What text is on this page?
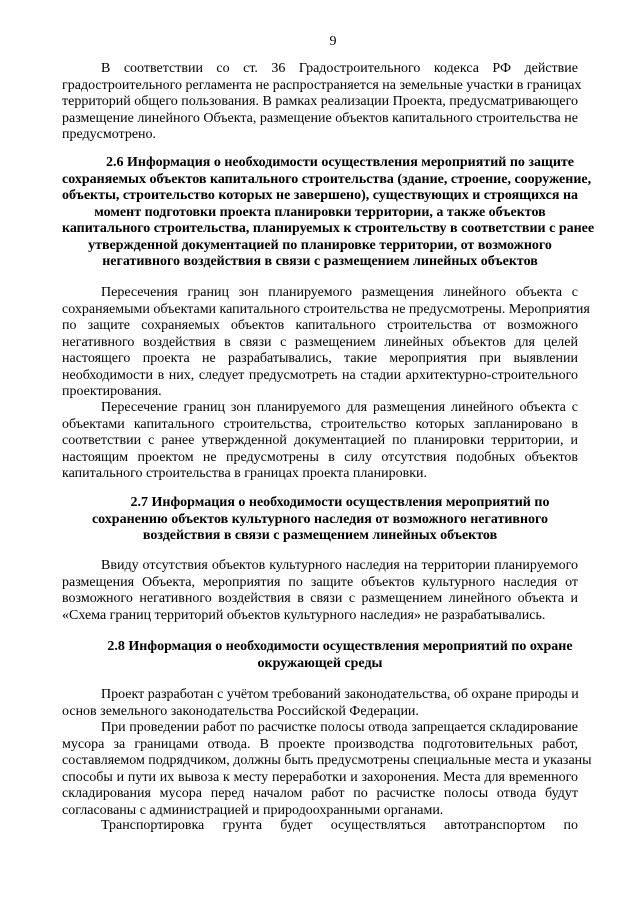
9
В соответствии со ст. 36 Градостроительного кодекса РФ действие
градостроительного регламента не распространяется на земельные участки в границах
территорий общего пользования. В рамках реализации Проекта, предусматривающего
размещение линейного Объекта, размещение объектов капитального строительства не
предусмотрено.
2.6 Информация о необходимости осуществления мероприятий по защите
сохраняемых объектов капитального строительства (здание, строение, сооружение,
объекты, строительство которых не завершено), существующих и строящихся на
момент подготовки проекта планировки территории, а также объектов
капитального строительства, планируемых к строительству в соответствии с ранее
утвержденной документацией по планировке территории, от возможного
негативного воздействия в связи с размещением линейных объектов
Пересечения границ зон планируемого размещения линейного объекта с
сохраняемыми объектами капитального строительства не предусмотрены. Мероприятия
по защите сохраняемых объектов капитального строительства от возможного
негативного воздействия в связи с размещением линейных объектов для целей
настоящего проекта не разрабатывались, такие мероприятия при выявлении
необходимости в них, следует предусмотреть на стадии архитектурно-строительного
проектирования.
Пересечение границ зон планируемого для размещения линейного объекта с
объектами капитального строительства, строительство которых запланировано в
соответствии с ранее утвержденной документацией по планировки территории, и
настоящим проектом не предусмотрены в силу отсутствия подобных объектов
капитального строительства в границах проекта планировки.
2.7 Информация о необходимости осуществления мероприятий по
сохранению объектов культурного наследия от возможного негативного
воздействия в связи с размещением линейных объектов
Ввиду отсутствия объектов культурного наследия на территории планируемого
размещения Объекта, мероприятия по защите объектов культурного наследия от
возможного негативного воздействия в связи с размещением линейного объекта и
«Схема границ территорий объектов культурного наследия» не разрабатывались.
2.8 Информация о необходимости осуществления мероприятий по охране
окружающей среды
Проект разработан с учётом требований законодательства, об охране природы и
основ земельного законодательства Российской Федерации.
При проведении работ по расчистке полосы отвода запрещается складирование
мусора за границами отвода. В проекте производства подготовительных работ,
составляемом подрядчиком, должны быть предусмотрены специальные места и указаны
способы и пути их вывоза к месту переработки и захоронения. Места для временного
складирования мусора перед началом работ по расчистке полосы отвода будут
согласованы с администрацией и природоохранными органами.
Транспортировка грунта будет осуществляться автотранспортом по
